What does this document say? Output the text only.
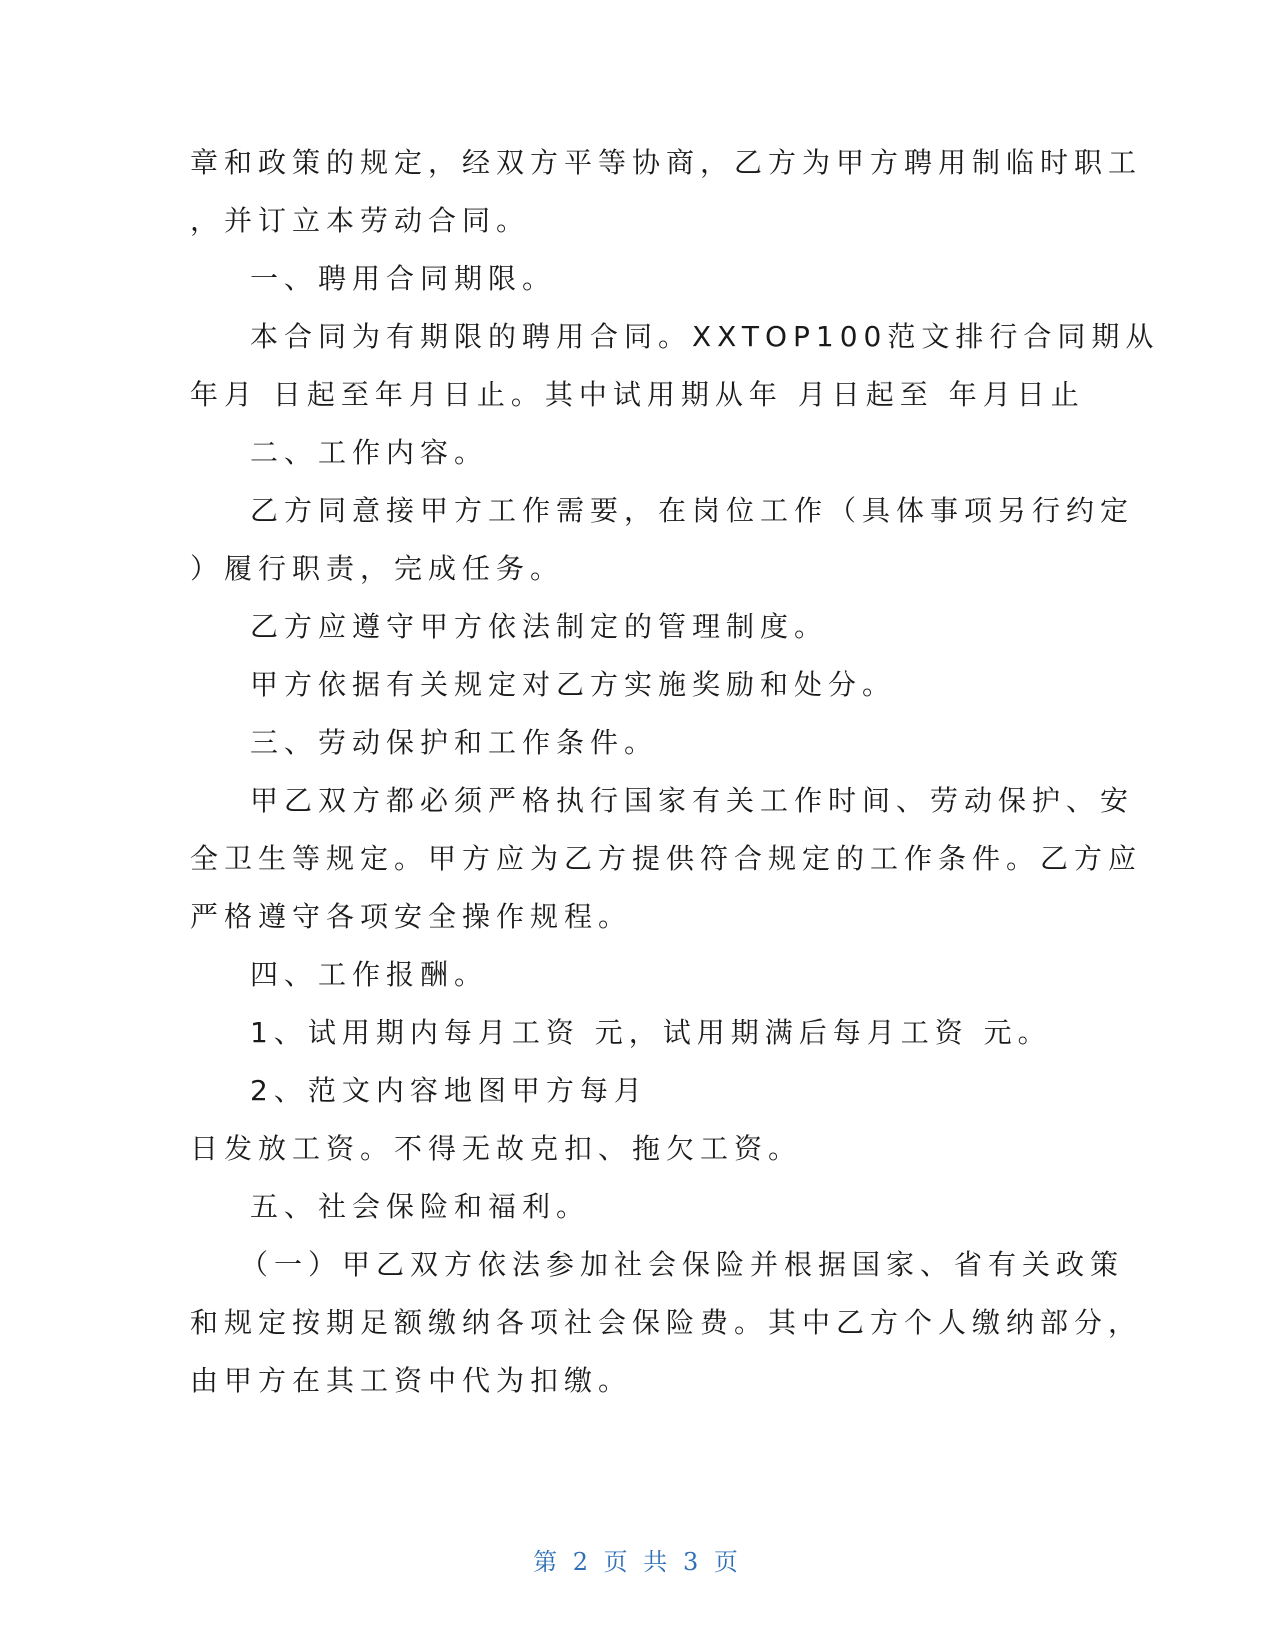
章和政策的规定，经双方平等协商，乙方为甲方聘用制临时职工
，并订立本劳动合同。
一、聘用合同期限。
本合同为有期限的聘用合同。XXTOP100范文排行合同期从
年月 日起至年月日止。其中试用期从年 月日起至 年月日止
二、工作内容。
乙方同意接甲方工作需要，在岗位工作（具体事项另行约定
）履行职责，完成任务。
乙方应遵守甲方依法制定的管理制度。
甲方依据有关规定对乙方实施奖励和处分。
三、劳动保护和工作条件。
甲乙双方都必须严格执行国家有关工作时间、劳动保护、安
全卫生等规定。甲方应为乙方提供符合规定的工作条件。乙方应
严格遵守各项安全操作规程。
四、工作报酬。
1、试用期内每月工资 元，试用期满后每月工资 元。
2、范文内容地图甲方每月
日发放工资。不得无故克扣、拖欠工资。
五、社会保险和福利。
（一）甲乙双方依法参加社会保险并根据国家、省有关政策
和规定按期足额缴纳各项社会保险费。其中乙方个人缴纳部分，
由甲方在其工资中代为扣缴。
第 2 页 共 3 页
